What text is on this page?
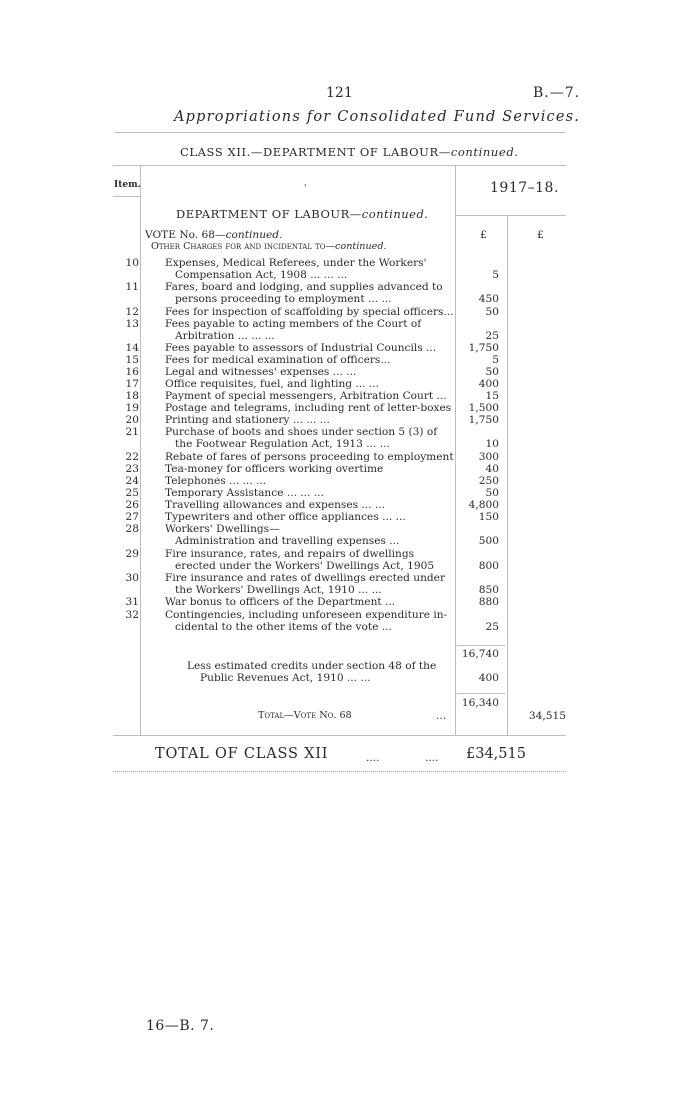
121	B.—7.
Appropriations for Consolidated Fund Services.
CLASS XII.—DEPARTMENT OF LABOUR—continued.
Item.	'	1917–18.
DEPARTMENT OF LABOUR—continued.
VOTE No. 68—continued.	£	£
Other Charges for and incidental to—continued.
10 Expenses, Medical Referees, under the Workers'
Compensation Act, 1908 ... ... ...	5
11 Fares, board and lodging, and supplies advanced to
persons proceeding to employment ... ...	450
12 Fees for inspection of scaffolding by special officers...	50
13 Fees payable to acting members of the Court of
Arbitration ... ... ...	25
14 Fees payable to assessors of Industrial Councils ...	1,750
15 Fees for medical examination of officers...	5
16 Legal and witnesses' expenses ... ...	50
17 Office requisites, fuel, and lighting ... ...	400
18 Payment of special messengers, Arbitration Court ...	15
19 Postage and telegrams, including rent of letter-boxes	1,500
20 Printing and stationery ... ... ...	1,750
21 Purchase of boots and shoes under section 5 (3) of
the Footwear Regulation Act, 1913 ... ...	10
22 Rebate of fares of persons proceeding to employment	300
23 Tea-money for officers working overtime	40
24 Telephones ... ... ...	250
25 Temporary Assistance ... ... ...	50
26 Travelling allowances and expenses ... ...	4,800
27 Typewriters and other office appliances ... ...	150
28 Workers' Dwellings—
Administration and travelling expenses ...	500
29 Fire insurance, rates, and repairs of dwellings
erected under the Workers' Dwellings Act, 1905	800
30 Fire insurance and rates of dwellings erected under
the Workers' Dwellings Act, 1910 ... ...	850
31 War bonus to officers of the Department ...	880
32 Contingencies, including unforeseen expenditure in-
cidental to the other items of the vote ...	25
16,740
Less estimated credits under section 48 of the
Public Revenues Act, 1910 ... ...	400
16,340
Total—Vote No. 68	...	34,515
TOTAL OF CLASS XII	....	.... £34,515
16—B. 7.
